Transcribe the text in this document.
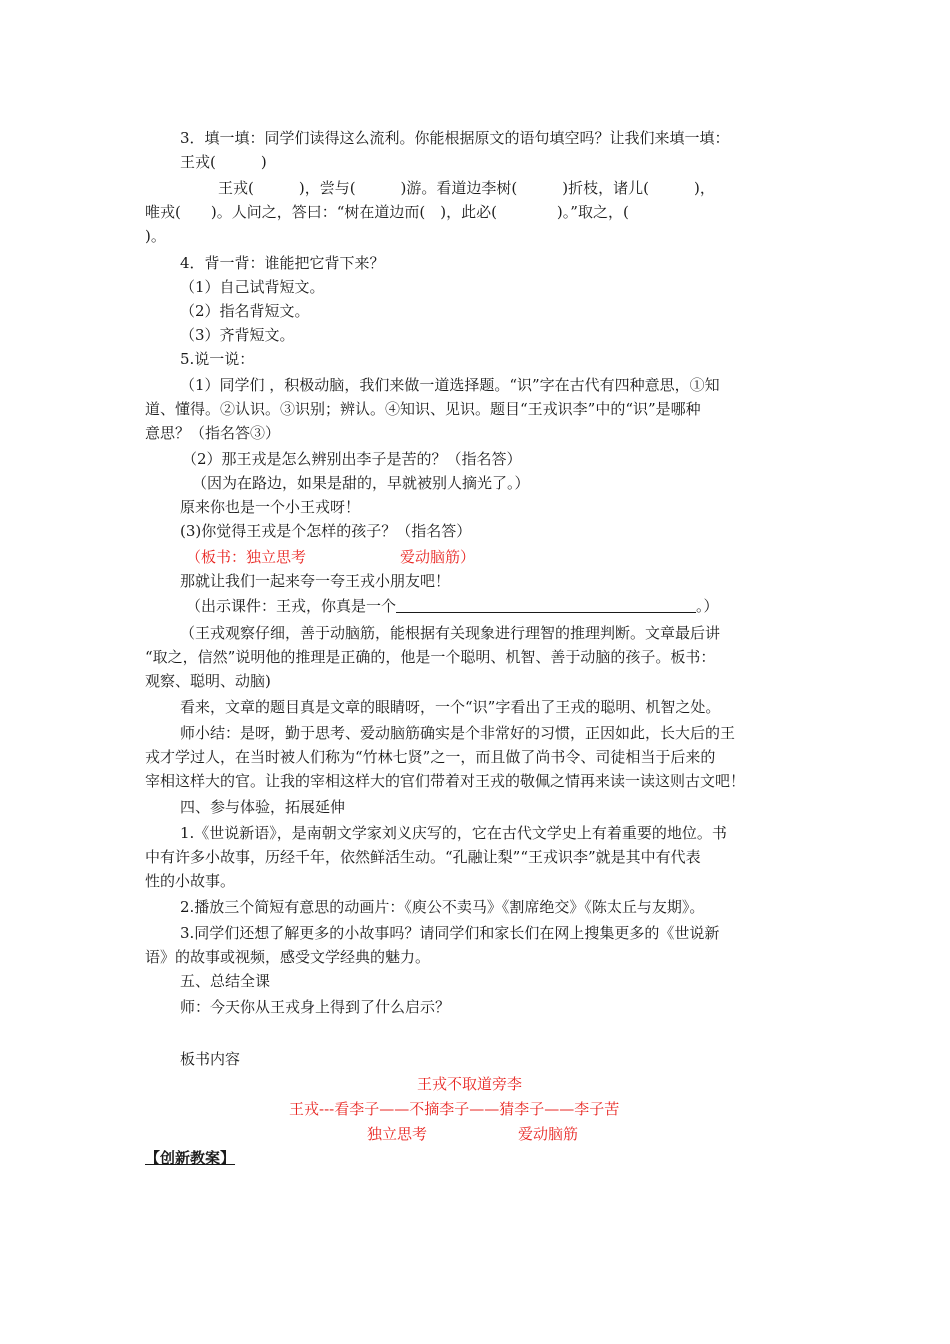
3．填一填：同学们读得这么流利。你能根据原文的语句填空吗？让我们来填一填：
王戎(　　　)
王戎(　　　)，尝与(　　　)游。看道边李树(　　　)折枝，诸儿(　　　)，
唯戎(　　)。人问之，答曰：“树在道边而(　)，此必(　　　　)。”取之，(
)。
4．背一背：谁能把它背下来？
（1）自己试背短文。
（2）指名背短文。
（3）齐背短文。
5.说一说：
（1）同学们 ，积极动脑，我们来做一道选择题。“识”字在古代有四种意思，①知
道、懂得。②认识。③识别；辨认。④知识、见识。题目“王戎识李”中的“识”是哪种
意思？（指名答③）
（2）那王戎是怎么辨别出李子是苦的？（指名答）
（因为在路边，如果是甜的，早就被别人摘光了。）
原来你也是一个小王戎呀！
(3)你觉得王戎是个怎样的孩子？（指名答）
（板书：独立思考	爱动脑筋）
那就让我们一起来夸一夸王戎小朋友吧！
（出示课件：王戎，你真是一个　　　　　　　　　　　　　　　　　　　　	。）
（王戎观察仔细，善于动脑筋，能根据有关现象进行理智的推理判断。文章最后讲
“取之，信然”说明他的推理是正确的，他是一个聪明、机智、善于动脑的孩子。板书：
观察、聪明、动脑)
看来，文章的题目真是文章的眼睛呀，一个“识”字看出了王戎的聪明、机智之处。
师小结：是呀，勤于思考、爱动脑筋确实是个非常好的习惯，正因如此，长大后的王
戎才学过人，在当时被人们称为“竹林七贤”之一，而且做了尚书令、司徒相当于后来的
宰相这样大的官。让我的宰相这样大的官们带着对王戎的敬佩之情再来读一读这则古文吧！
四、参与体验，拓展延伸
1.《世说新语》，是南朝文学家刘义庆写的，它在古代文学史上有着重要的地位。书
中有许多小故事，历经千年，依然鲜活生动。“孔融让梨”“王戎识李”就是其中有代表
性的小故事。
2.播放三个简短有意思的动画片：《庾公不卖马》《割席绝交》《陈太丘与友期》。
3.同学们还想了解更多的小故事吗？请同学们和家长们在网上搜集更多的《世说新
语》的故事或视频，感受文学经典的魅力。
五、总结全课
师：今天你从王戎身上得到了什么启示？
板书内容
王戎不取道旁李
王戎---看李子——不摘李子——猜李子——李子苦
独立思考	爱动脑筋
【创新教案】
